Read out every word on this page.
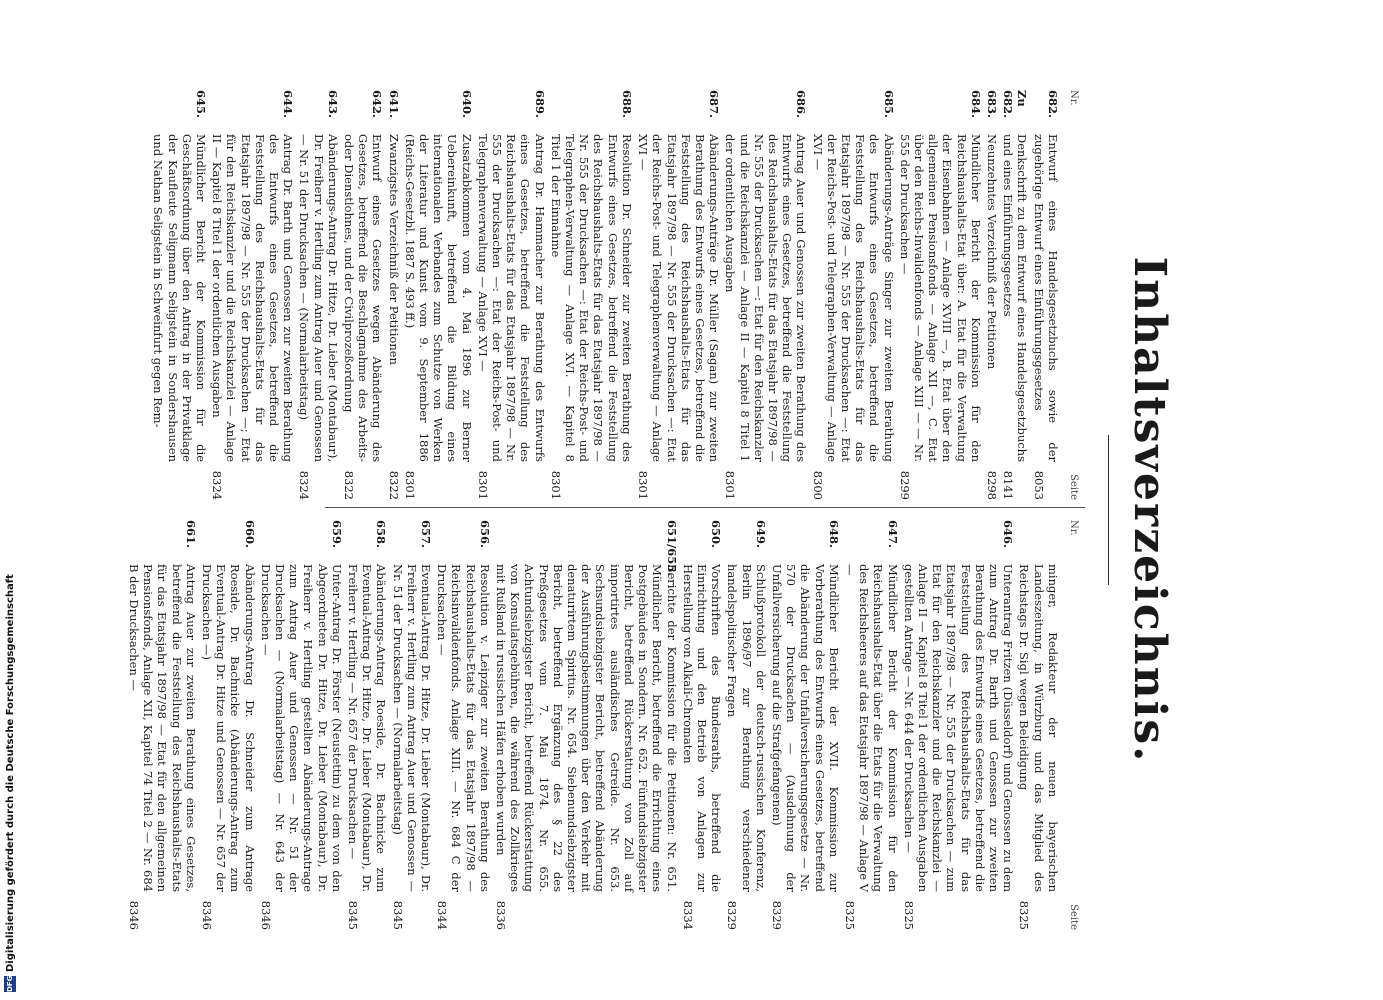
Inhaltsverzeichnis.
Nr.
Seite
682.
Entwurf eines Handelsgesetzbuchs sowie der zugehörige Entwurf eines Einführungsgesetzes
8053
Zu 682.
Denkschrift zu dem Entwurf eines Handelsgesetzbuchs und eines Einführungsgesetzes
8141
683.
Neunzehntes Verzeichniß der Petitionen
8298
684.
Mündlicher Bericht der Kommission für den Reichshaushalts-Etat über: A. Etat für die Verwaltung der Eisenbahnen — Anlage XVIII —, B. Etat über den allgemeinen Pensionsfonds — Anlage XII —, C. Etat über den Reichs-Invalidenfonds — Anlage XIII — — Nr. 555 der Drucksachen —
8299
685.
Abänderungs-Anträge Singer zur zweiten Berathung des Entwurfs eines Gesetzes, betreffend die Feststellung des Reichshaushalts-Etats für das Etatsjahr 1897/98 — Nr. 555 der Drucksachen —: Etat der Reichs-Post- und Telegraphen-Verwaltung — Anlage XVI —
8300
686.
Antrag Auer und Genossen zur zweiten Berathung des Entwurfs eines Gesetzes, betreffend die Feststellung des Reichshaushalts-Etats für das Etatsjahr 1897/98 — Nr. 555 der Drucksachen —: Etat für den Reichskanzler und die Reichskanzlei — Anlage II — Kapitel 8 Titel 1 der ordentlichen Ausgaben
8301
687.
Abänderungs-Anträge Dr. Müller (Sagan) zur zweiten Berathung des Entwurfs eines Gesetzes, betreffend die Feststellung des Reichshaushalts-Etats für das Etatsjahr 1897/98 — Nr. 555 der Drucksachen —: Etat der Reichs-Post- und Telegraphenverwaltung — Anlage XVI —
8301
688.
Resolution Dr. Schneider zur zweiten Berathung des Entwurfs eines Gesetzes, betreffend die Feststellung des Reichshaushalts-Etats für das Etatsjahr 1897/98 — Nr. 555 der Drucksachen —: Etat der Reichs-Post- und Telegraphen-Verwaltung — Anlage XVI. — Kapitel 8 Titel 1 der Einnahme
8301
689.
Antrag Dr. Hammacher zur Berathung des Entwurfs eines Gesetzes, betreffend die Feststellung des Reichshaushalts-Etats für das Etatsjahr 1897/98 — Nr. 555 der Drucksachen —: Etat der Reichs-Post- und Telegraphenverwaltung — Anlage XVI —
8301
640.
Zusatzabkommen vom 4. Mai 1896 zur Berner Uebereinkunft, betreffend die Bildung eines internationalen Verbandes zum Schutze von Werken der Literatur und Kunst vom 9. September 1886 (Reichs-Gesetzbl. 1887 S. 493 ff.)
8301
641.
Zwanzigstes Verzeichniß der Petitionen
8322
642.
Entwurf eines Gesetzes wegen Abänderung des Gesetzes, betreffend die Beschlagnahme des Arbeits- oder Dienstlohnes, und der Civilprozeßordnung
8322
643.
Abänderungs-Antrag Dr. Hitze, Dr. Lieber (Montabaur), Dr. Freiherr v. Hertling zum Antrag Auer und Genossen — Nr. 51 der Drucksachen — (Normalarbeitstag)
8324
644.
Antrag Dr. Barth und Genossen zur zweiten Berathung des Entwurfs eines Gesetzes, betreffend die Feststellung des Reichshaushalts-Etats für das Etatsjahr 1897/98 — Nr. 555 der Drucksachen —; Etat für den Reichskanzler und die Reichskanzlei — Anlage II — Kapitel 8 Titel 1 der ordentlichen Ausgaben
8324
645.
Mündlicher Bericht der Kommission für die Geschäftsordnung über den Antrag in der Privatklage der Kaufleute Seligmann Seligstein in Sondershausen und Nathan Seligstein in Schweinfurt gegen Rem-
Nr.
Seite
minger, Redakteur der neuen bayerischen Landeszeitung, in Würzburg und das Mitglied des Reichstags Dr. Sigl wegen Beleidigung
8325
646.
Unterantrag Fritzen (Düsseldorf) und Genossen zu dem zum Antrag Dr. Barth und Genossen zur zweiten Berathung des Entwurfs eines Gesetzes, betreffend die Feststellung des Reichshaushalts-Etats für das Etatsjahr 1897/98 — Nr. 555 der Drucksachen — zum Etat für den Reichskanzler und die Reichskanzlei — Anlage II — Kapitel 8 Titel 1 der ordentlichen Ausgaben gestellten Antrage — Nr. 644 der Drucksachen —
8325
647.
Mündlicher Bericht der Kommission für den Reichshaushalts-Etat über die Etats für die Verwaltung des Reichsheeres auf das Etatsjahr 1897/98 — Anlage V —
8325
648.
Mündlicher Bericht der XVII. Kommission zur Vorberathung des Entwurfs eines Gesetzes, betreffend die Abänderung der Unfallversicherungsgesetze — Nr. 570 der Drucksachen — (Ausdehnung der Unfallversicherung auf die Strafgefangenen)
8329
649.
Schlußprotokoll der deutsch-russischen Konferenz, Berlin 1896/97 zur Berathung verschiedener handelspolitischer Fragen
8329
650.
Vorschriften des Bundesraths, betreffend die Einrichtung und den Betrieb von Anlagen zur Herstellung von Alkali-Chromaten
8334
651/655.
Berichte der Kommission für die Petitionen: Nr. 651. Mündlicher Bericht, betreffend die Errichtung eines Postgebäudes in Sondern. Nr. 652. Fünfundsiebzigster Bericht, betreffend Rückerstattung von Zoll auf importirtes ausländisches Getreide. Nr. 653. Sechsundsiebzigster Bericht, betreffend Abänderung der Ausführungsbestimmungen über den Verkehr mit denaturirtem Spiritus. Nr. 654. Siebenundsiebzigster Bericht, betreffend Ergänzung des § 22 des Preßgesetzes vom 7. Mai 1874. Nr. 655. Achtundsiebzigster Bericht, betreffend Rückerstattung von Konsulatsgebühren, die während des Zollkrieges mit Rußland in russischen Häfen erhoben wurden
8336
656.
Resolution v. Leipziger zur zweiten Berathung des Reichshaushalts-Etats für das Etatsjahr 1897/98 — Reichsinvalidenfonds. Anlage XIII. — Nr. 684 C der Drucksachen —
8344
657.
Eventual-Antrag Dr. Hitze, Dr. Lieber (Montabaur), Dr. Freiherr v. Hertling zum Antrag Auer und Genossen — Nr. 51 der Drucksachen — (Normalarbeitstag)
8345
658.
Abänderungs-Antrag Roeside, Dr. Bachnicke zum Eventual-Antrag Dr. Hitze, Dr. Lieber (Montabaur), Dr. Freiherr v. Hertling — Nr. 657 der Drucksachen —
8345
659.
Unter-Antrag Dr. Förster (Neustettin) zu dem von den Abgeordneten Dr. Hitze, Dr. Lieber (Montabaur), Dr. Freiherr v. Hertling gestellten Abänderungs-Antrage zum Antrag Auer und Genossen — Nr. 51 der Drucksachen — (Normalarbeitstag) — Nr. 643 der Drucksachen —
8346
660.
Abänderungs-Antrag Dr. Schneider zum Antrage Roeside, Dr. Bachnicke (Abänderungs-Antrag zum Eventual-Antrag Dr. Hitze und Genossen — Nr. 657 der Drucksachen —)
8346
661.
Antrag Auer zur zweiten Berathung eines Gesetzes, betreffend die Feststellung des Reichshaushalts-Etats für das Etatsjahr 1897/98 — Etat für den allgemeinen Pensionsfonds, Anlage XII, Kapitel 74 Titel 2 — Nr. 684 B der Drucksachen —
8346
DFG
Digitalisierung gefördert durch die Deutsche Forschungsgemeinschaft
